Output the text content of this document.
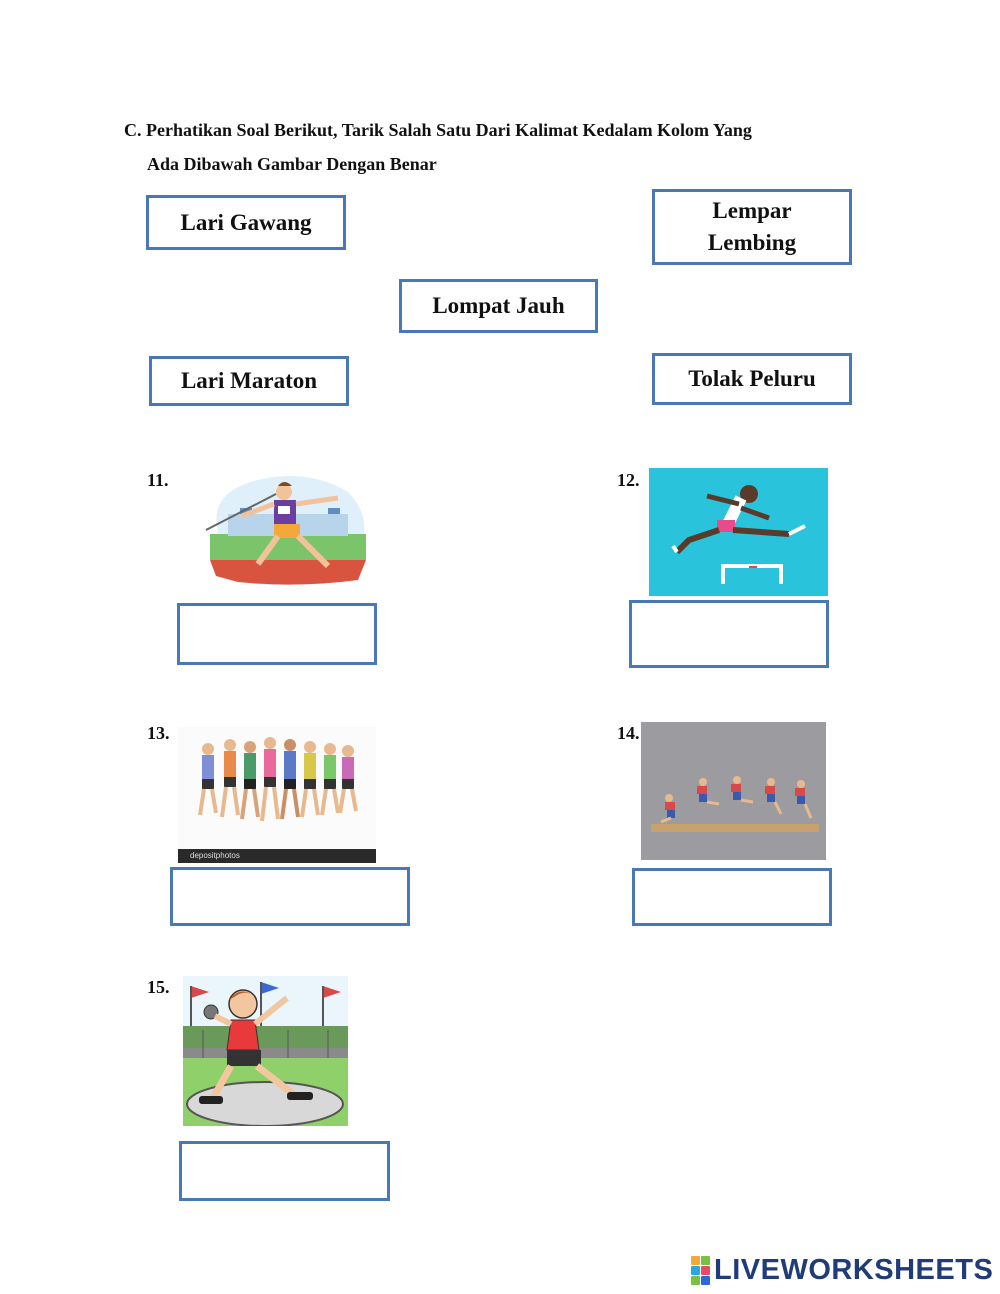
C. Perhatikan Soal Berikut, Tarik Salah Satu Dari Kalimat Kedalam Kolom Yang
Ada Dibawah Gambar Dengan Benar
Lari Gawang	Lempar
Lembing
Lompat Jauh
Lari Maraton	Tolak Peluru
11.	12.
13.
depositphotos
14.
15.
LIVEWORKSHEETS
